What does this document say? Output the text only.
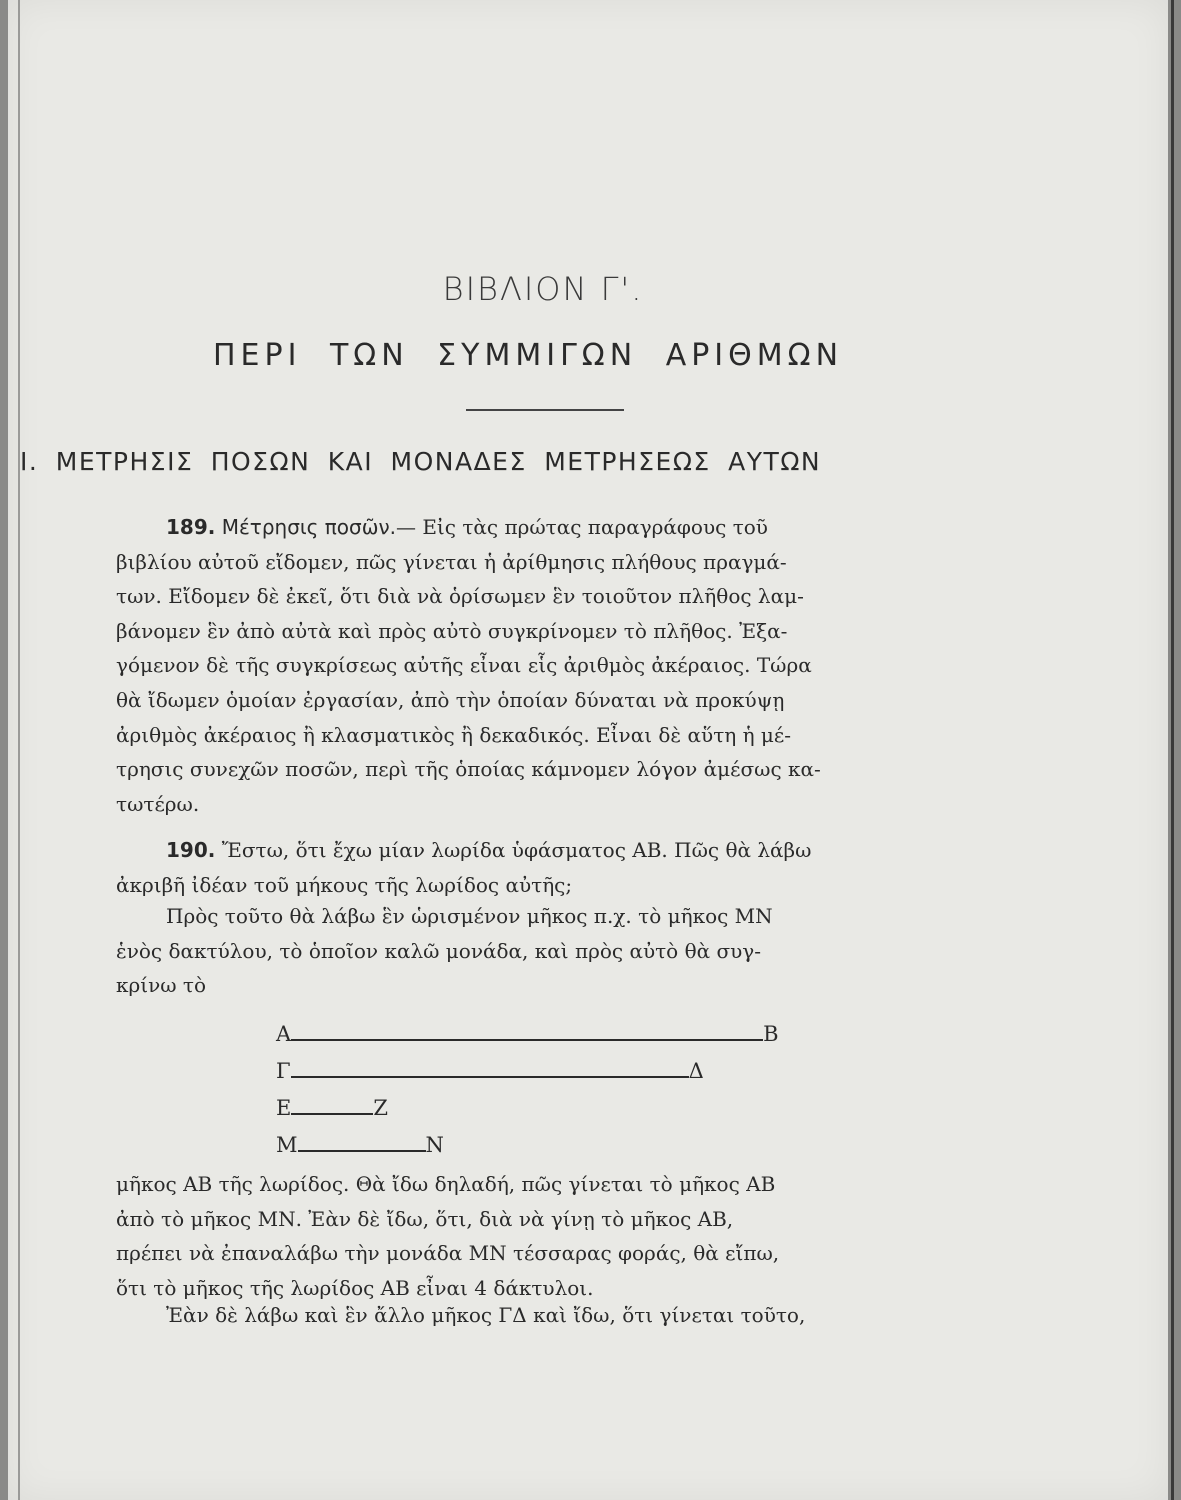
ΒΙΒΛΙΟΝ Γ'.
ΠΕΡΙ ΤΩΝ ΣΥΜΜΙΓΩΝ ΑΡΙΘΜΩΝ
Ι. ΜΕΤΡΗΣΙΣ ΠΟΣΩΝ ΚΑΙ ΜΟΝΑΔΕΣ ΜΕΤΡΗΣΕΩΣ ΑΥΤΩΝ
189. Μέτρησις ποσῶν.— Εἰς τὰς πρώτας παραγράφους τοῦ
βιβλίου αὐτοῦ εἴδομεν, πῶς γίνεται ἡ ἀρίθμησις πλήθους πραγμά-
των. Εἴδομεν δὲ ἐκεῖ, ὅτι διὰ νὰ ὁρίσωμεν ἓν τοιοῦτον πλῆθος λαμ-
βάνομεν ἓν ἀπὸ αὐτὰ καὶ πρὸς αὐτὸ συγκρίνομεν τὸ πλῆθος. Ἐξα-
γόμενον δὲ τῆς συγκρίσεως αὐτῆς εἶναι εἷς ἀριθμὸς ἀκέραιος. Τώρα
θὰ ἴδωμεν ὁμοίαν ἐργασίαν, ἀπὸ τὴν ὁποίαν δύναται νὰ προκύψῃ
ἀριθμὸς ἀκέραιος ἢ κλασματικὸς ἢ δεκαδικός. Εἶναι δὲ αὕτη ἡ μέ-
τρησις συνεχῶν ποσῶν, περὶ τῆς ὁποίας κάμνομεν λόγον ἀμέσως κα-
τωτέρω.
190. Ἔστω, ὅτι ἔχω μίαν λωρίδα ὑφάσματος ΑΒ. Πῶς θὰ λάβω
ἀκριβῆ ἰδέαν τοῦ μήκους τῆς λωρίδος αὐτῆς;
Πρὸς τοῦτο θὰ λάβω ἓν ὡρισμένον μῆκος π.χ. τὸ μῆκος ΜΝ
ἑνὸς δακτύλου, τὸ ὁποῖον καλῶ μονάδα, καὶ πρὸς αὐτὸ θὰ συγ-
κρίνω τὸ
Α	Β
Γ	Δ
Ε	Ζ
Μ	Ν
μῆκος ΑΒ τῆς λωρίδος. Θὰ ἴδω δηλαδή, πῶς γίνεται τὸ μῆκος ΑΒ
ἀπὸ τὸ μῆκος ΜΝ. Ἐὰν δὲ ἴδω, ὅτι, διὰ νὰ γίνῃ τὸ μῆκος ΑΒ,
πρέπει νὰ ἐπαναλάβω τὴν μονάδα ΜΝ τέσσαρας φοράς, θὰ εἴπω,
ὅτι τὸ μῆκος τῆς λωρίδος ΑΒ εἶναι 4 δάκτυλοι.
Ἐὰν δὲ λάβω καὶ ἓν ἄλλο μῆκος ΓΔ καὶ ἴδω, ὅτι γίνεται τοῦτο,
